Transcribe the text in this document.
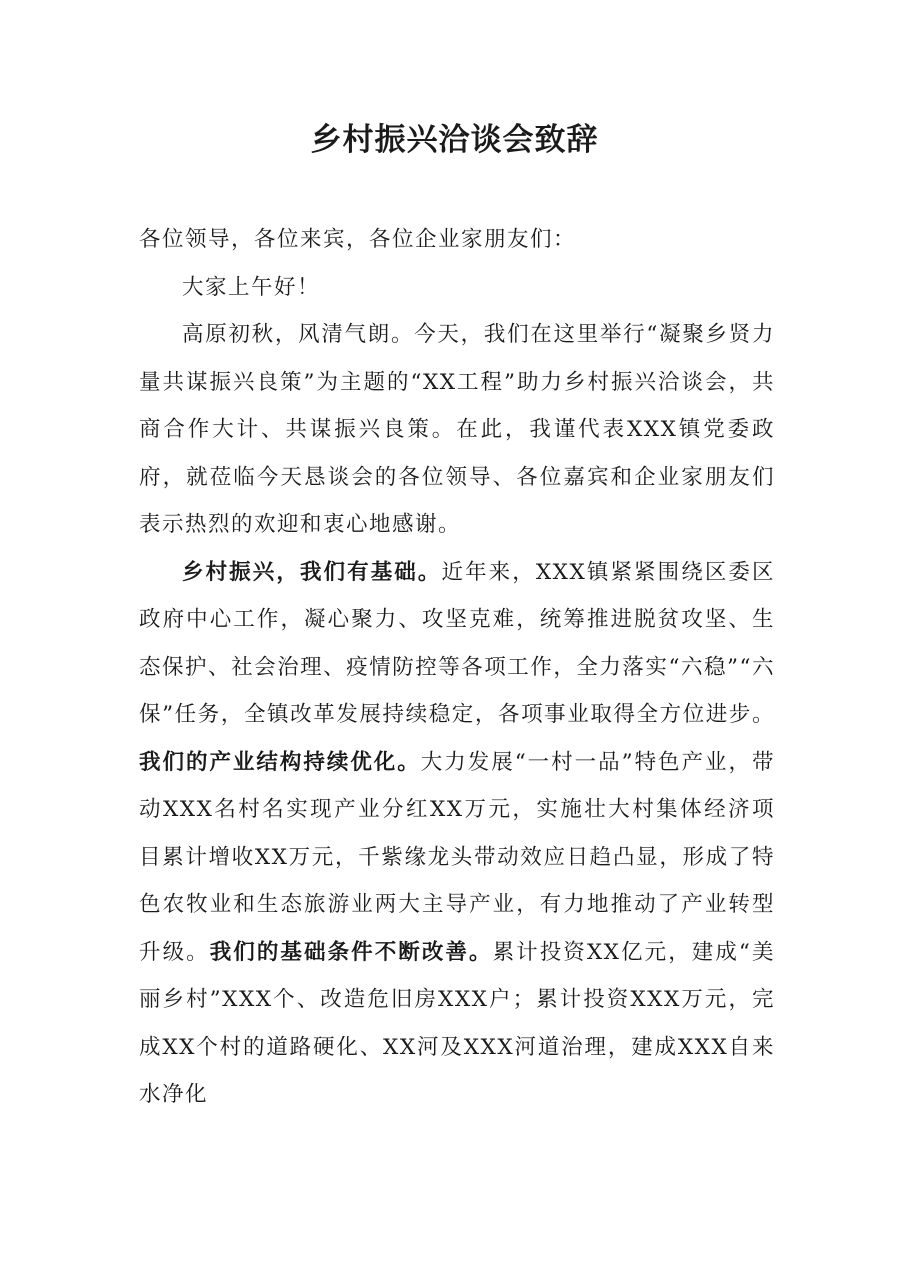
乡村振兴洽谈会致辞

各位领导，各位来宾，各位企业家朋友们：

大家上午好！

高原初秋，风清气朗。今天，我们在这里举行“凝聚乡贤力量共谋振兴良策”为主题的“XX工程”助力乡村振兴洽谈会，共商合作大计、共谋振兴良策。在此，我谨代表XXX镇党委政府，就莅临今天恳谈会的各位领导、各位嘉宾和企业家朋友们表示热烈的欢迎和衷心地感谢。

乡村振兴，我们有基础。近年来，XXX镇紧紧围绕区委区政府中心工作，凝心聚力、攻坚克难，统筹推进脱贫攻坚、生态保护、社会治理、疫情防控等各项工作，全力落实“六稳”“六保”任务，全镇改革发展持续稳定，各项事业取得全方位进步。我们的产业结构持续优化。大力发展“一村一品”特色产业，带动XXX名村名实现产业分红XX万元，实施壮大村集体经济项目累计增收XX万元，千紫缘龙头带动效应日趋凸显，形成了特色农牧业和生态旅游业两大主导产业，有力地推动了产业转型升级。我们的基础条件不断改善。累计投资XX亿元，建成“美丽乡村”XXX个、改造危旧房XXX户；累计投资XXX万元，完成XX个村的道路硬化、XX河及XXX河道治理，建成XXX自来水净化
